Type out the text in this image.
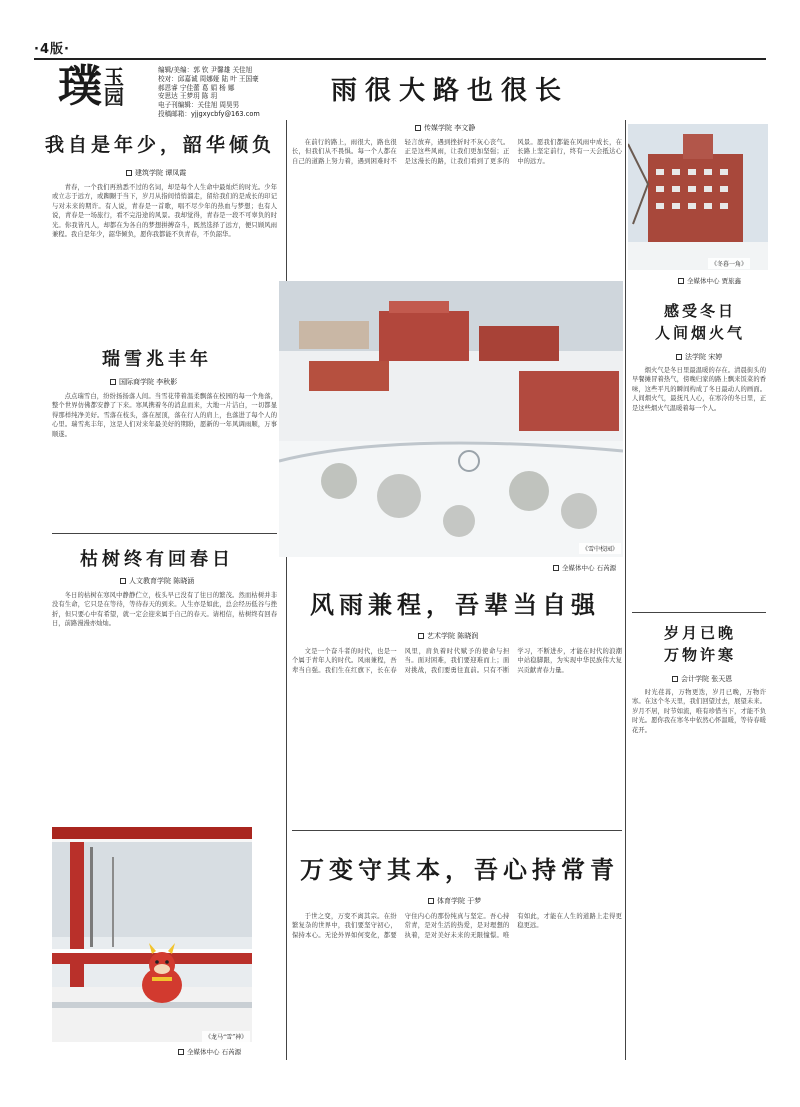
·4版·
璞 玉
园
编辑/美编：郭 钦 尹馨雄 关佳旭
校对：邱嘉诚 周娜娅 陆 叶 王国豪
郝恩睿 宁佳蕾 葛 娟 杨 娜
安思达 王梦玥 陈 玥
电子刊编辑：关佳旭 周昊男
投稿邮箱：yjjgxycbfy@163.com
我自是年少，韶华倾负
建筑学院 谭凤霞

青春，一个我们再熟悉不过的名词，却是每个人生命中最灿烂的时光。少年或立志于远方，或踟蹰于当下，岁月从指间悄悄溜走，留给我们的是成长的印记与对未来的期许。有人说，青春是一首歌，唱不尽少年的热血与梦想；也有人说，青春是一场旅行，看不完沿途的风景。我却觉得，青春是一段不可辜负的时光。你我皆凡人，却都在为各自的梦想拼搏奋斗，既然选择了远方，便只顾风雨兼程。我自是年少，韶华倾负，愿你我都能不负青春，不负韶华。

瑞雪兆丰年
国际商学院 李秋影

点点瑞雪白，纷纷扬扬落人间。当雪花带着温柔飘落在校园的每一个角落，整个世界仿佛都安静了下来。寒风携着冬的消息而来，大地一片洁白，一切都显得那样纯净美好。雪落在枝头，落在屋顶，落在行人的肩上，也落进了每个人的心里。瑞雪兆丰年，这是人们对来年最美好的期盼，愿新的一年风调雨顺，万事顺遂。

枯树终有回春日
人文教育学院 陈晓涵

冬日的枯树在寒风中静静伫立，枝头早已没有了往日的繁茂。然而枯树并非没有生命，它只是在等待，等待春天的到来。人生亦是如此，总会经历低谷与挫折，但只要心中有希望，就一定会迎来属于自己的春天。请相信，枯树终有回春日，前路漫漫亦灿灿。

《龙马“雪”神》
全媒体中心 石芮源
雨很大路也很长
传媒学院 李文静

在前行的路上，雨很大，路也很长，但我们从不畏惧。每一个人都在自己的道路上努力着，遇到困难时不轻言放弃，遇到挫折时不灰心丧气。正是这些风雨，让我们更加坚强；正是这漫长的路，让我们看到了更多的风景。愿我们都能在风雨中成长，在长路上坚定前行，终有一天会抵达心中的远方。

《雪中校园》
全媒体中心 石芮源
风雨兼程，吾辈当自强
艺术学院 陈晓润

文是一个奋斗者的时代，也是一个属于青年人的时代。风雨兼程，吾辈当自强。我们生在红旗下，长在春风里，肩负着时代赋予的使命与担当。面对困难，我们要迎难而上；面对挑战，我们要勇往直前。只有不断学习，不断进步，才能在时代的浪潮中站稳脚跟，为实现中华民族伟大复兴贡献青春力量。

万变守其本，吾心持常青
体育学院 于梦

于世之变，万变不离其宗。在纷繁复杂的世界中，我们要坚守初心，保持本心。无论外界如何变化，都要守住内心的那份纯真与坚定。吾心持常青，是对生活的热爱，是对理想的执着，是对美好未来的无限憧憬。唯有如此，才能在人生的道路上走得更稳更远。

《冬暮一角》
全媒体中心 贾旅鑫
感受冬日
人间烟火气
法学院 宋婷

烟火气是冬日里最温暖的存在。清晨街头的早餐摊冒着热气，傍晚归家的路上飘来饭菜的香味，这些平凡的瞬间构成了冬日最动人的画面。人间烟火气，最抚凡人心，在寒冷的冬日里，正是这些烟火气温暖着每一个人。

岁月已晚
万物许寒
会计学院 张天恩

时光荏苒，万物更迭，岁月已晚，万物许寒。在这个冬天里，我们回望过去，展望未来。岁月不居，时节如流，唯有珍惜当下，才能不负时光。愿你我在寒冬中依然心怀温暖，等待春暖花开。
